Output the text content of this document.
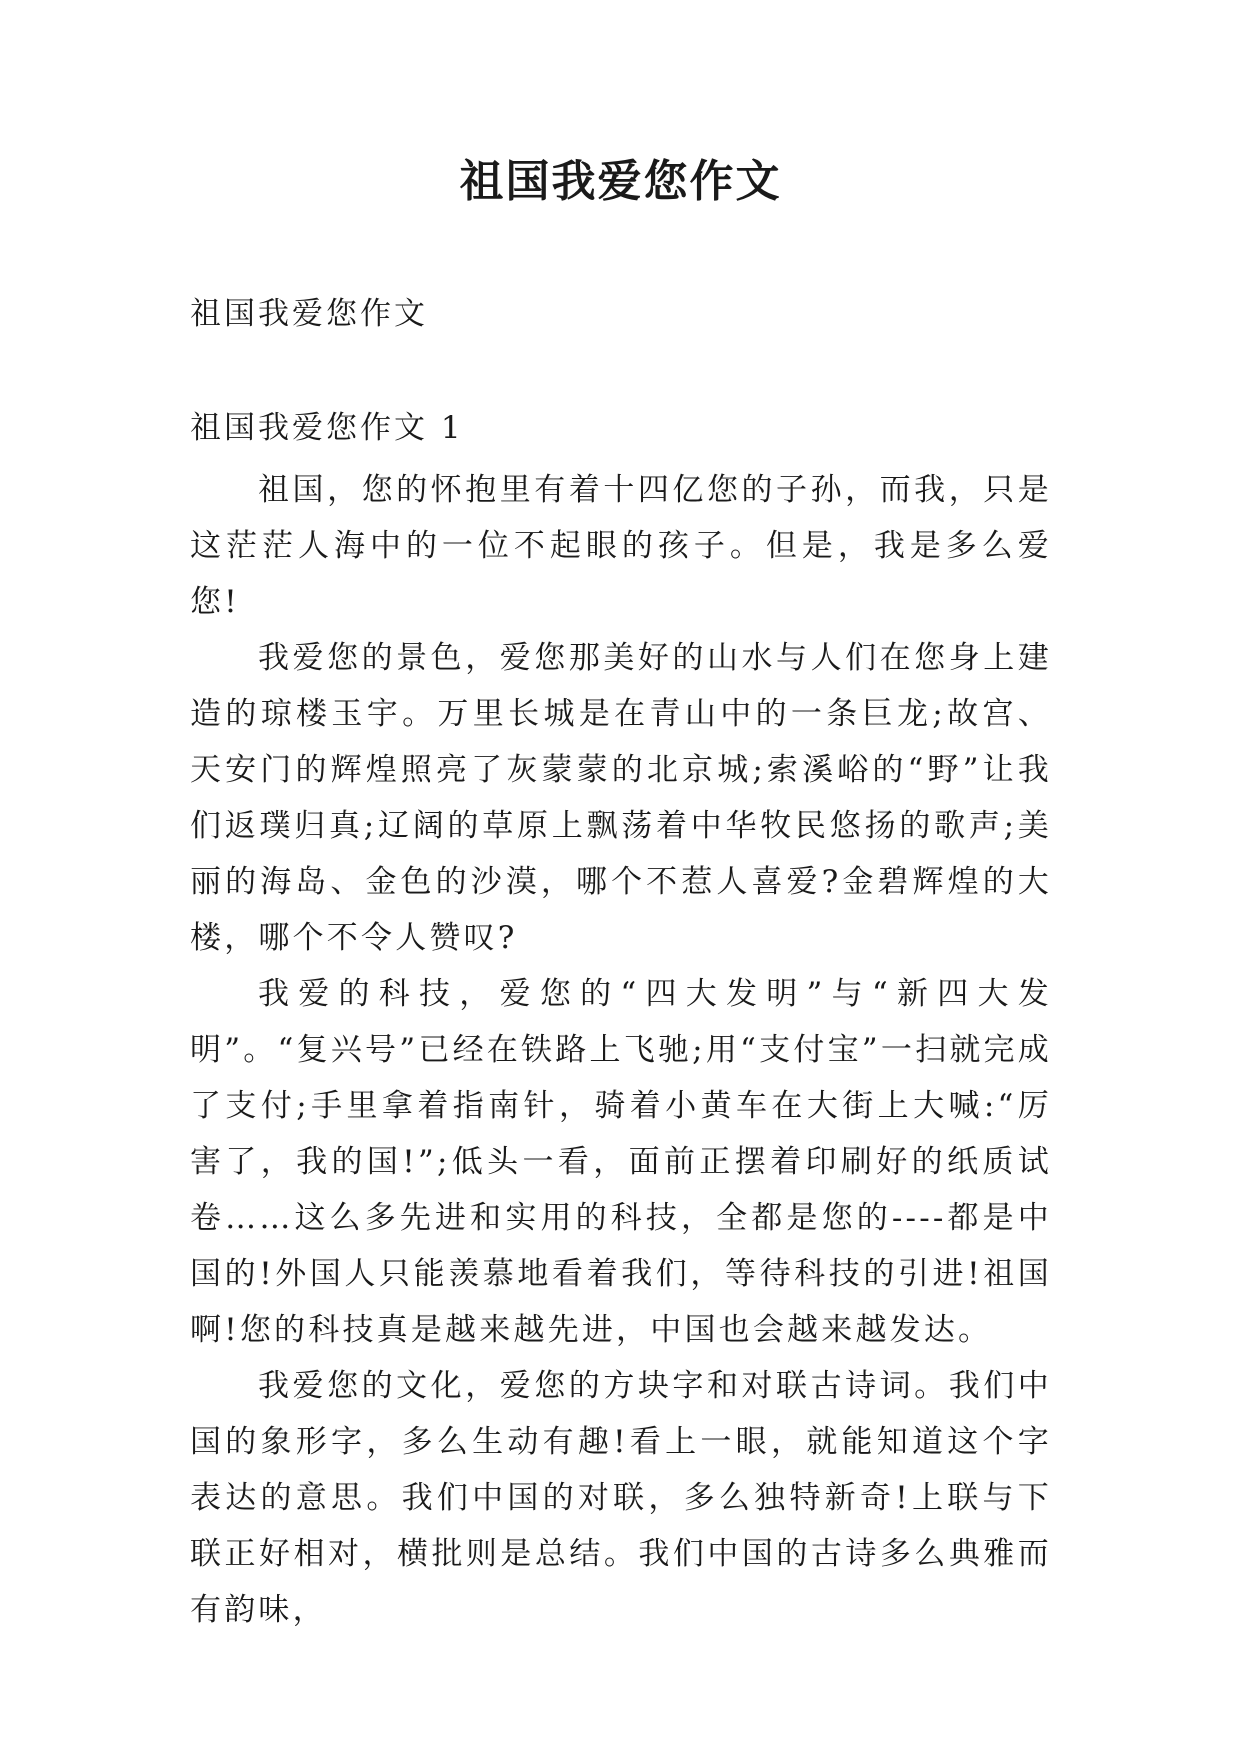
祖国我爱您作文

祖国我爱您作文

祖国我爱您作文 1

祖国，您的怀抱里有着十四亿您的子孙，而我，只是这茫茫人海中的一位不起眼的孩子。但是，我是多么爱您!

我爱您的景色，爱您那美好的山水与人们在您身上建造的琼楼玉宇。万里长城是在青山中的一条巨龙;故宫、天安门的辉煌照亮了灰蒙蒙的北京城;索溪峪的“野”让我们返璞归真;辽阔的草原上飘荡着中华牧民悠扬的歌声;美丽的海岛、金色的沙漠，哪个不惹人喜爱?金碧辉煌的大楼，哪个不令人赞叹?

我爱的科技，爱您的“四大发明”与“新四大发明”。“复兴号”已经在铁路上飞驰;用“支付宝”一扫就完成了支付;手里拿着指南针，骑着小黄车在大街上大喊:“厉害了，我的国!”;低头一看，面前正摆着印刷好的纸质试卷……这么多先进和实用的科技，全都是您的----都是中国的!外国人只能羡慕地看着我们，等待科技的引进!祖国啊!您的科技真是越来越先进，中国也会越来越发达。

我爱您的文化，爱您的方块字和对联古诗词。我们中国的象形字，多么生动有趣!看上一眼，就能知道这个字表达的意思。我们中国的对联，多么独特新奇!上联与下联正好相对，横批则是总结。我们中国的古诗多么典雅而有韵味，
